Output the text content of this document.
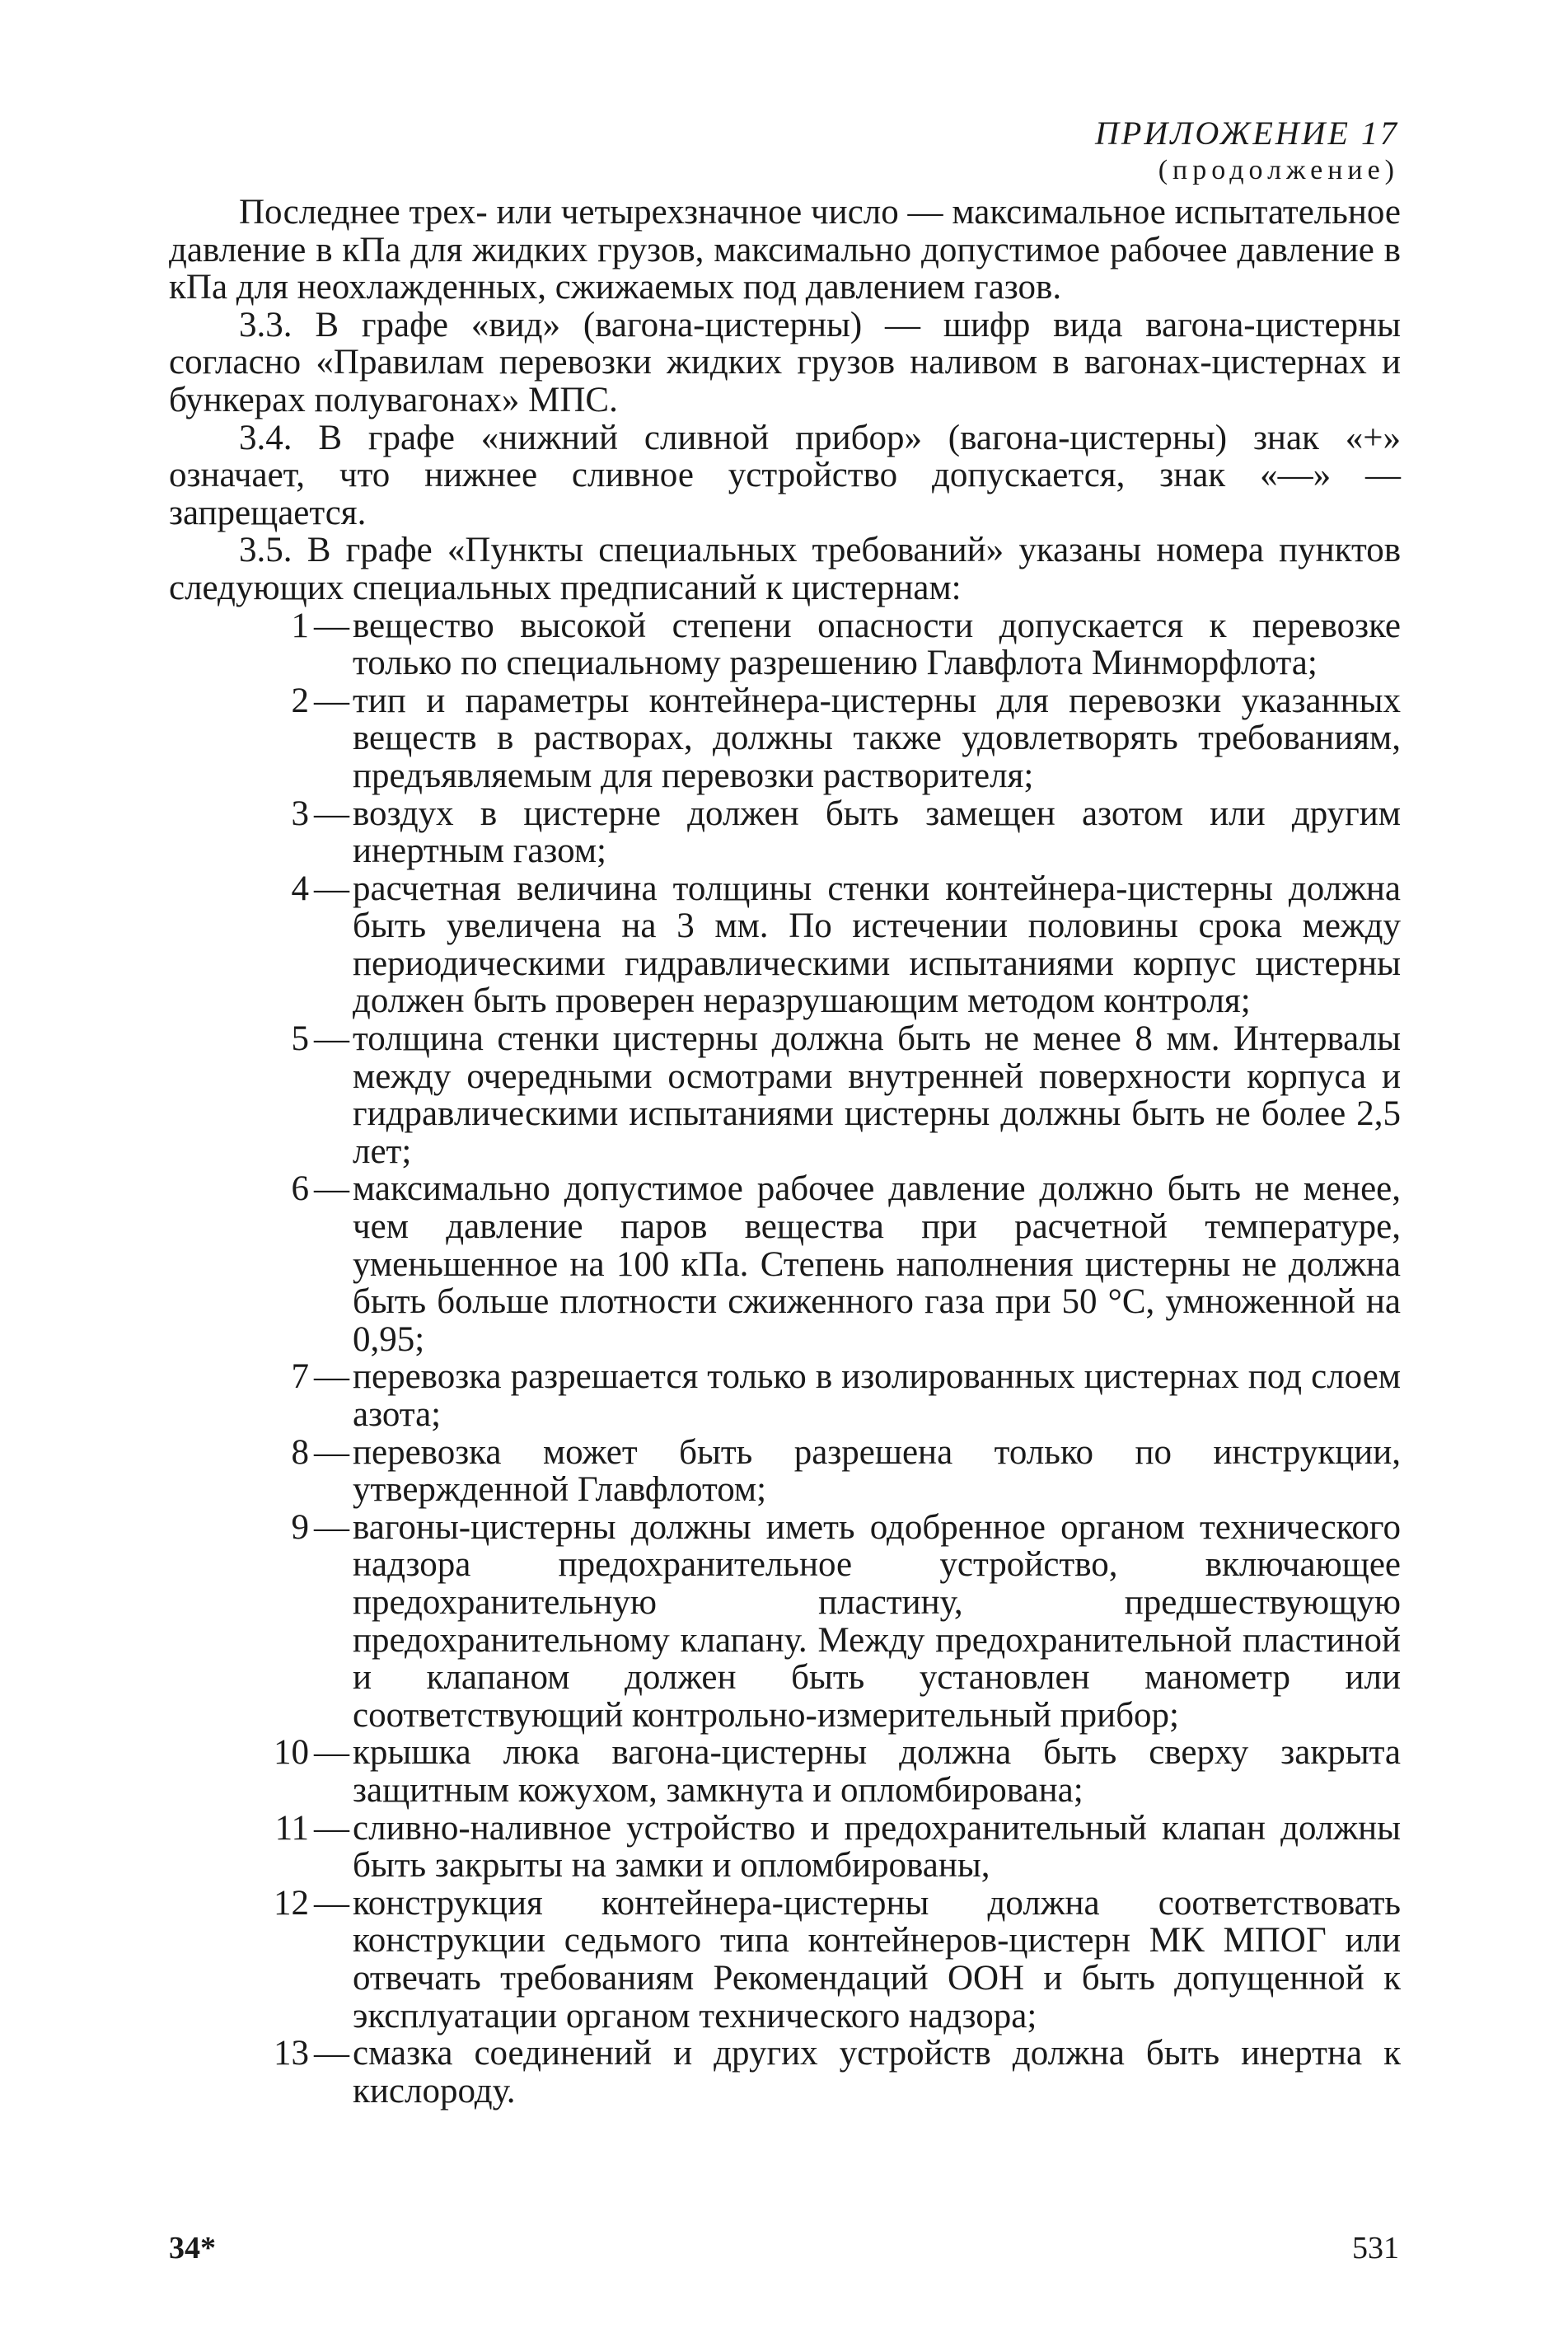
ПРИЛОЖЕНИЕ 17
(продолжение)

Последнее трех- или четырехзначное число — максимальное испытательное давление в кПа для жидких грузов, максимально допустимое рабочее давление в кПа для неохлажденных, сжижаемых под давлением газов.

3.3. В графе «вид» (вагона-цистерны) — шифр вида вагона-цистерны согласно «Правилам перевозки жидких грузов наливом в вагонах-цистернах и бункерах полувагонах» МПС.

3.4. В графе «нижний сливной прибор» (вагона-цистерны) знак «+» означает, что нижнее сливное устройство допускается, знак «—» — запрещается.

3.5. В графе «Пункты специальных требований» указаны номера пунктов следующих специальных предписаний к цистернам:

1 — вещество высокой степени опасности допускается к перевозке только по специальному разрешению Главфлота Минморфлота;
2 — тип и параметры контейнера-цистерны для перевозки указанных веществ в растворах, должны также удовлетворять требованиям, предъявляемым для перевозки растворителя;
3 — воздух в цистерне должен быть замещен азотом или другим инертным газом;
4 — расчетная величина толщины стенки контейнера-цистерны должна быть увеличена на 3 мм. По истечении половины срока между периодическими гидравлическими испытаниями корпус цистерны должен быть проверен неразрушающим методом контроля;
5 — толщина стенки цистерны должна быть не менее 8 мм. Интервалы между очередными осмотрами внутренней поверхности корпуса и гидравлическими испытаниями цистерны должны быть не более 2,5 лет;
6 — максимально допустимое рабочее давление должно быть не менее, чем давление паров вещества при расчетной температуре, уменьшенное на 100 кПа. Степень наполнения цистерны не должна быть больше плотности сжиженного газа при 50 °С, умноженной на 0,95;
7 — перевозка разрешается только в изолированных цистернах под слоем азота;
8 — перевозка может быть разрешена только по инструкции, утвержденной Главфлотом;
9 — вагоны-цистерны должны иметь одобренное органом технического надзора предохранительное устройство, включающее предохранительную пластину, предшествующую предохранительному клапану. Между предохранительной пластиной и клапаном должен быть установлен манометр или соответствующий контрольно-измерительный прибор;
10 — крышка люка вагона-цистерны должна быть сверху закрыта защитным кожухом, замкнута и опломбирована;
11 — сливно-наливное устройство и предохранительный клапан должны быть закрыты на замки и опломбированы,
12 — конструкция контейнера-цистерны должна соответствовать конструкции седьмого типа контейнеров-цистерн МК МПОГ или отвечать требованиям Рекомендаций ООН и быть допущенной к эксплуатации органом технического надзора;
13 — смазка соединений и других устройств должна быть инертна к кислороду.
34*	531
